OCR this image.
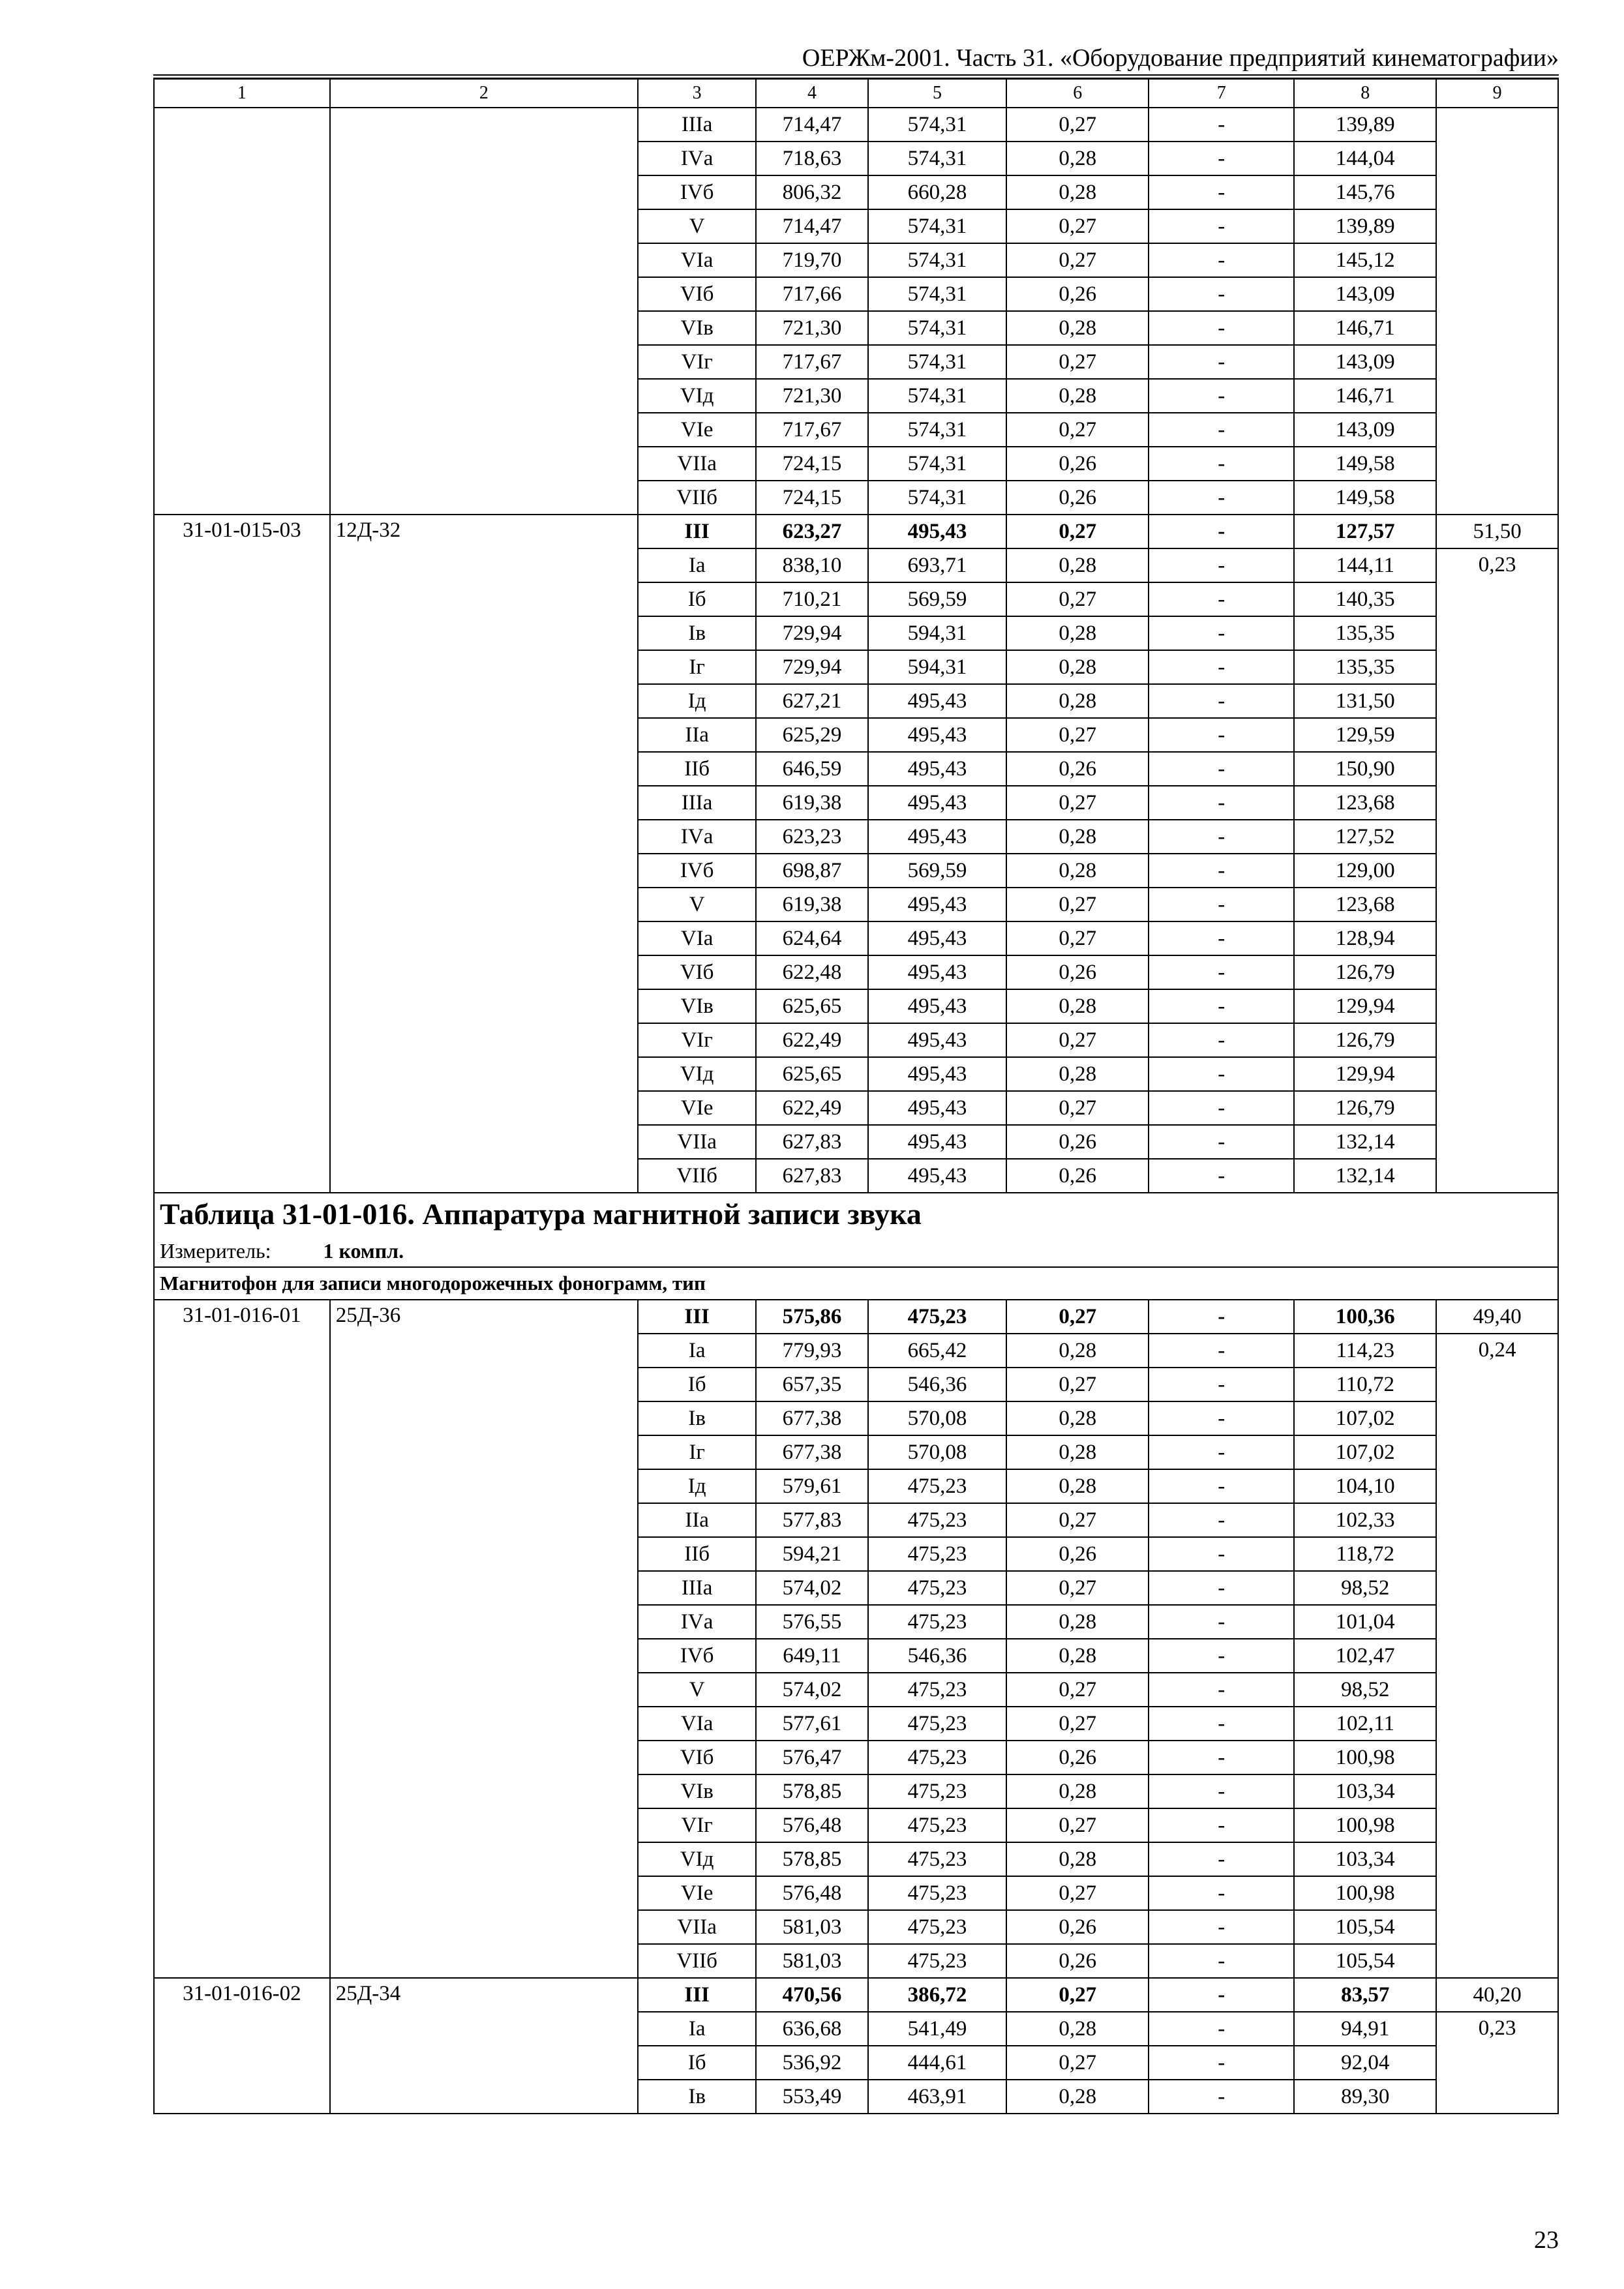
ОЕРЖм-2001. Часть 31. «Оборудование предприятий кинематографии»
1	2	3	4	5	6	7	8	9
		IIIа	714,47	574,31	0,27	-	139,89	
		IVа	718,63	574,31	0,28	-	144,04	
		IVб	806,32	660,28	0,28	-	145,76	
		V	714,47	574,31	0,27	-	139,89	
		VIа	719,70	574,31	0,27	-	145,12	
		VIб	717,66	574,31	0,26	-	143,09	
		VIв	721,30	574,31	0,28	-	146,71	
		VIг	717,67	574,31	0,27	-	143,09	
		VIд	721,30	574,31	0,28	-	146,71	
		VIе	717,67	574,31	0,27	-	143,09	
		VIIа	724,15	574,31	0,26	-	149,58	
		VIIб	724,15	574,31	0,26	-	149,58	
31-01-015-03	12Д-32	III	623,27	495,43	0,27	-	127,57	51,50
		Iа	838,10	693,71	0,28	-	144,11	0,23
		Iб	710,21	569,59	0,27	-	140,35	
		Iв	729,94	594,31	0,28	-	135,35	
		Iг	729,94	594,31	0,28	-	135,35	
		Iд	627,21	495,43	0,28	-	131,50	
		IIа	625,29	495,43	0,27	-	129,59	
		IIб	646,59	495,43	0,26	-	150,90	
		IIIа	619,38	495,43	0,27	-	123,68	
		IVа	623,23	495,43	0,28	-	127,52	
		IVб	698,87	569,59	0,28	-	129,00	
		V	619,38	495,43	0,27	-	123,68	
		VIа	624,64	495,43	0,27	-	128,94	
		VIб	622,48	495,43	0,26	-	126,79	
		VIв	625,65	495,43	0,28	-	129,94	
		VIг	622,49	495,43	0,27	-	126,79	
		VIд	625,65	495,43	0,28	-	129,94	
		VIе	622,49	495,43	0,27	-	126,79	
		VIIа	627,83	495,43	0,26	-	132,14	
		VIIб	627,83	495,43	0,26	-	132,14	
Таблица 31-01-016. Аппаратура магнитной записи звука								
Измеритель: 1 компл.								
Магнитофон для записи многодорожечных фонограмм, тип								
31-01-016-01	25Д-36	III	575,86	475,23	0,27	-	100,36	49,40
		Iа	779,93	665,42	0,28	-	114,23	0,24
		Iб	657,35	546,36	0,27	-	110,72	
		Iв	677,38	570,08	0,28	-	107,02	
		Iг	677,38	570,08	0,28	-	107,02	
		Iд	579,61	475,23	0,28	-	104,10	
		IIа	577,83	475,23	0,27	-	102,33	
		IIб	594,21	475,23	0,26	-	118,72	
		IIIа	574,02	475,23	0,27	-	98,52	
		IVа	576,55	475,23	0,28	-	101,04	
		IVб	649,11	546,36	0,28	-	102,47	
		V	574,02	475,23	0,27	-	98,52	
		VIа	577,61	475,23	0,27	-	102,11	
		VIб	576,47	475,23	0,26	-	100,98	
		VIв	578,85	475,23	0,28	-	103,34	
		VIг	576,48	475,23	0,27	-	100,98	
		VIд	578,85	475,23	0,28	-	103,34	
		VIе	576,48	475,23	0,27	-	100,98	
		VIIа	581,03	475,23	0,26	-	105,54	
		VIIб	581,03	475,23	0,26	-	105,54	
31-01-016-02	25Д-34	III	470,56	386,72	0,27	-	83,57	40,20
		Iа	636,68	541,49	0,28	-	94,91	0,23
		Iб	536,92	444,61	0,27	-	92,04	
		Iв	553,49	463,91	0,28	-	89,30	
23
